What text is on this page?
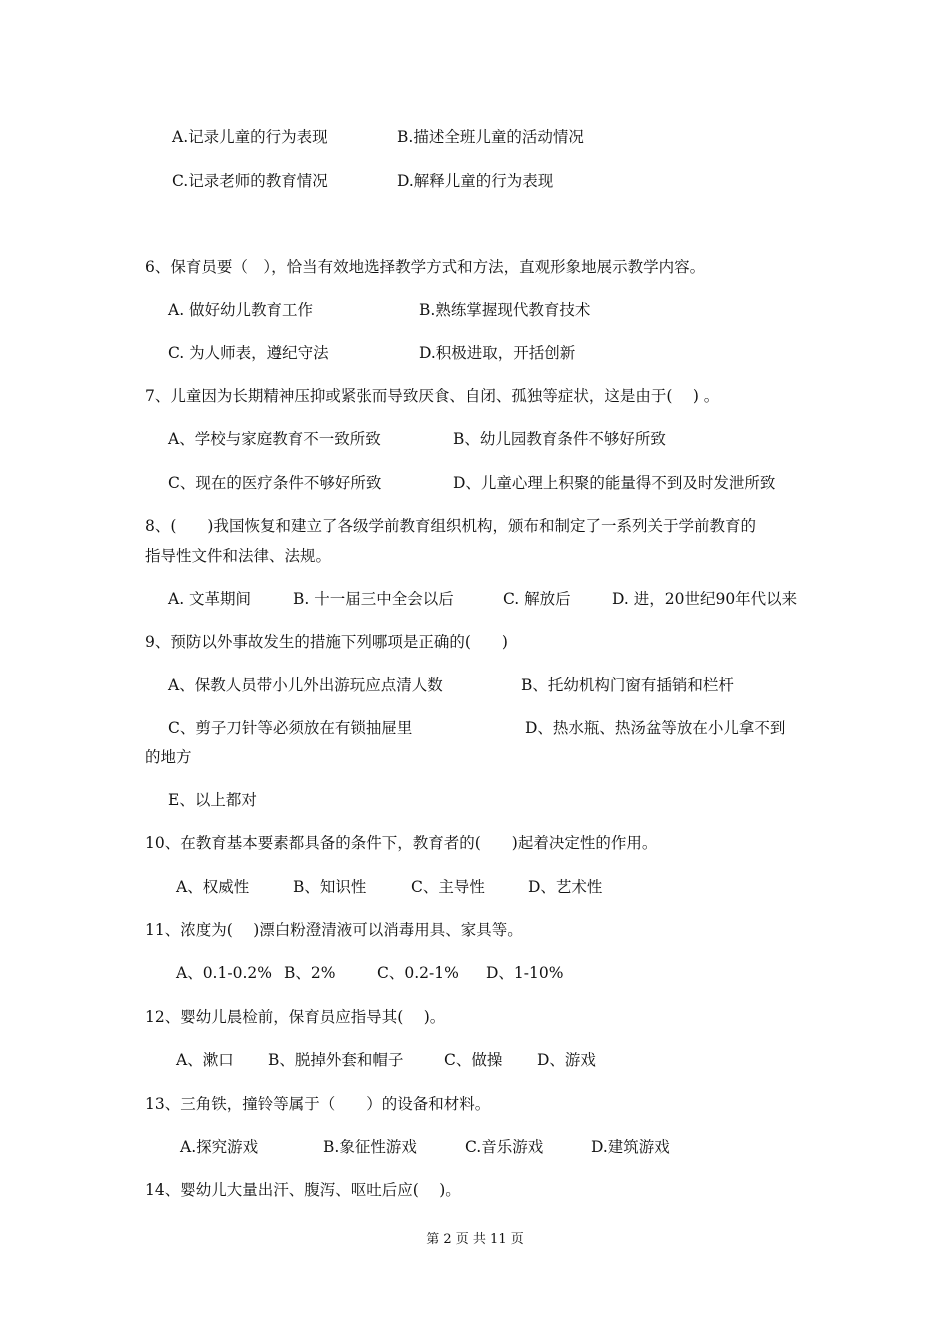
A.记录儿童的行为表现	B.描述全班儿童的活动情况
C.记录老师的教育情况	D.解释儿童的行为表现
6、保育员要（　），恰当有效地选择教学方式和方法，直观形象地展示教学内容。
A. 做好幼儿教育工作	B.熟练掌握现代教育技术
C. 为人师表，遵纪守法	D.积极进取，开括创新
7、儿童因为长期精神压抑或紧张而导致厌食、自闭、孤独等症状，这是由于(　 ) 。
A、学校与家庭教育不一致所致	B、幼儿园教育条件不够好所致
C、现在的医疗条件不够好所致	D、儿童心理上积聚的能量得不到及时发泄所致
8、(　　)我国恢复和建立了各级学前教育组织机构，颁布和制定了一系列关于学前教育的
指导性文件和法律、法规。
A. 文革期间	B. 十一届三中全会以后	C. 解放后	D. 进，20世纪90年代以来
9、预防以外事故发生的措施下列哪项是正确的(　　)
A、保教人员带小儿外出游玩应点清人数	B、托幼机构门窗有插销和栏杆
C、剪子刀针等必须放在有锁抽屉里	D、热水瓶、热汤盆等放在小儿拿不到
的地方
E、以上都对
10、在教育基本要素都具备的条件下，教育者的(　　)起着决定性的作用。
A、权威性	B、知识性	C、主导性	D、艺术性
11、浓度为(　 )漂白粉澄清液可以消毒用具、家具等。
A、0.1-0.2% B、2%	C、0.2-1% D、1-10%
12、婴幼儿晨检前，保育员应指导其(　 )。
A、漱口 B、脱掉外套和帽子	C、做操 D、游戏
13、三角铁，撞铃等属于（　　）的设备和材料。
A.探究游戏	B.象征性游戏	C.音乐游戏	D.建筑游戏
14、婴幼儿大量出汗、腹泻、呕吐后应(　 )。
第 2 页 共 11 页
